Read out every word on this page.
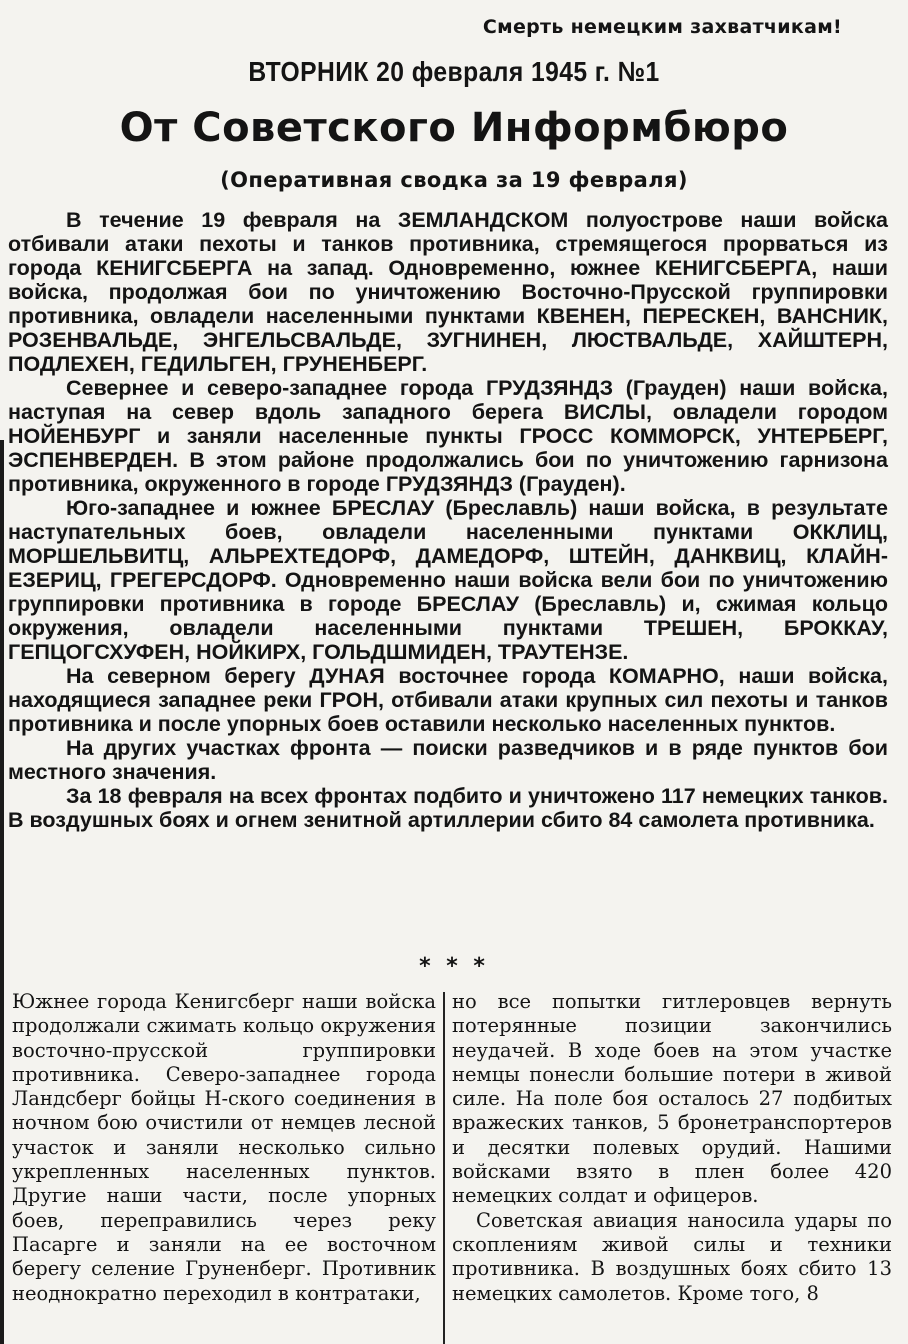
Смерть немецким захватчикам!
ВТОРНИК 20 февраля 1945 г. №1
От Советского Информбюро
(Оперативная сводка за 19 февраля)

В течение 19 февраля на ЗЕМЛАНДСКОМ полуострове наши войска отбивали атаки пехоты и танков противника, стремящегося прорваться из города КЕНИГСБЕРГА на запад. Одновременно, южнее КЕНИГСБЕРГА, наши войска, продолжая бои по уничтожению Восточно-Прусской группировки противника, овладели населенными пунктами КВЕНЕН, ПЕРЕСКЕН, ВАНСНИК, РОЗЕНВАЛЬДЕ, ЭНГЕЛЬСВАЛЬДЕ, ЗУГНИНЕН, ЛЮСТВАЛЬДЕ, ХАЙШТЕРН, ПОДЛЕХЕН, ГЕДИЛЬГЕН, ГРУНЕНБЕРГ.

Севернее и северо-западнее города ГРУДЗЯНДЗ (Грауден) наши войска, наступая на север вдоль западного берега ВИСЛЫ, овладели городом НОЙЕНБУРГ и заняли населенные пункты ГРОСС КОММОРСК, УНТЕРБЕРГ, ЭСПЕНВЕРДЕН. В этом районе продолжались бои по уничтожению гарнизона противника, окруженного в городе ГРУДЗЯНДЗ (Грауден).

Юго-западнее и южнее БРЕСЛАУ (Бреславль) наши войска, в результате наступательных боев, овладели населенными пунктами ОККЛИЦ, МОРШЕЛЬВИТЦ, АЛЬРЕХТЕДОРФ, ДАМЕДОРФ, ШТЕЙН, ДАНКВИЦ, КЛАЙН-ЕЗЕРИЦ, ГРЕГЕРСДОРФ. Одновременно наши войска вели бои по уничтожению группировки противника в городе БРЕСЛАУ (Бреславль) и, сжимая кольцо окружения, овладели населенными пунктами ТРЕШЕН, БРОККАУ, ГЕПЦОГСХУФЕН, НОЙКИРХ, ГОЛЬДШМИДЕН, ТРАУТЕНЗЕ.

На северном берегу ДУНАЯ восточнее города КОМАРНО, наши войска, находящиеся западнее реки ГРОН, отбивали атаки крупных сил пехоты и танков противника и после упорных боев оставили несколько населенных пунктов.

На других участках фронта — поиски разведчиков и в ряде пунктов бои местного значения.

За 18 февраля на всех фронтах подбито и уничтожено 117 немецких танков. В воздушных боях и огнем зенитной артиллерии сбито 84 самолета противника.

* * *

Южнее города Кенигсберг наши войска продолжали сжимать кольцо окружения восточно-прусской группировки противника. Северо-западнее города Ландсберг бойцы Н-ского соединения в ночном бою очистили от немцев лесной участок и заняли несколько сильно укрепленных населенных пунктов. Другие наши части, после упорных боев, переправились через реку Пасарге и заняли на ее восточном берегу селение Груненберг. Противник неоднократно переходил в контратаки,

но все попытки гитлеровцев вернуть потерянные позиции закончились неудачей. В ходе боев на этом участке немцы понесли большие потери в живой силе. На поле боя осталось 27 подбитых вражеских танков, 5 бронетранспортеров и десятки полевых орудий. Нашими войсками взято в плен более 420 немецких солдат и офицеров.

Советская авиация наносила удары по скоплениям живой силы и техники противника. В воздушных боях сбито 13 немецких самолетов. Кроме того, 8
